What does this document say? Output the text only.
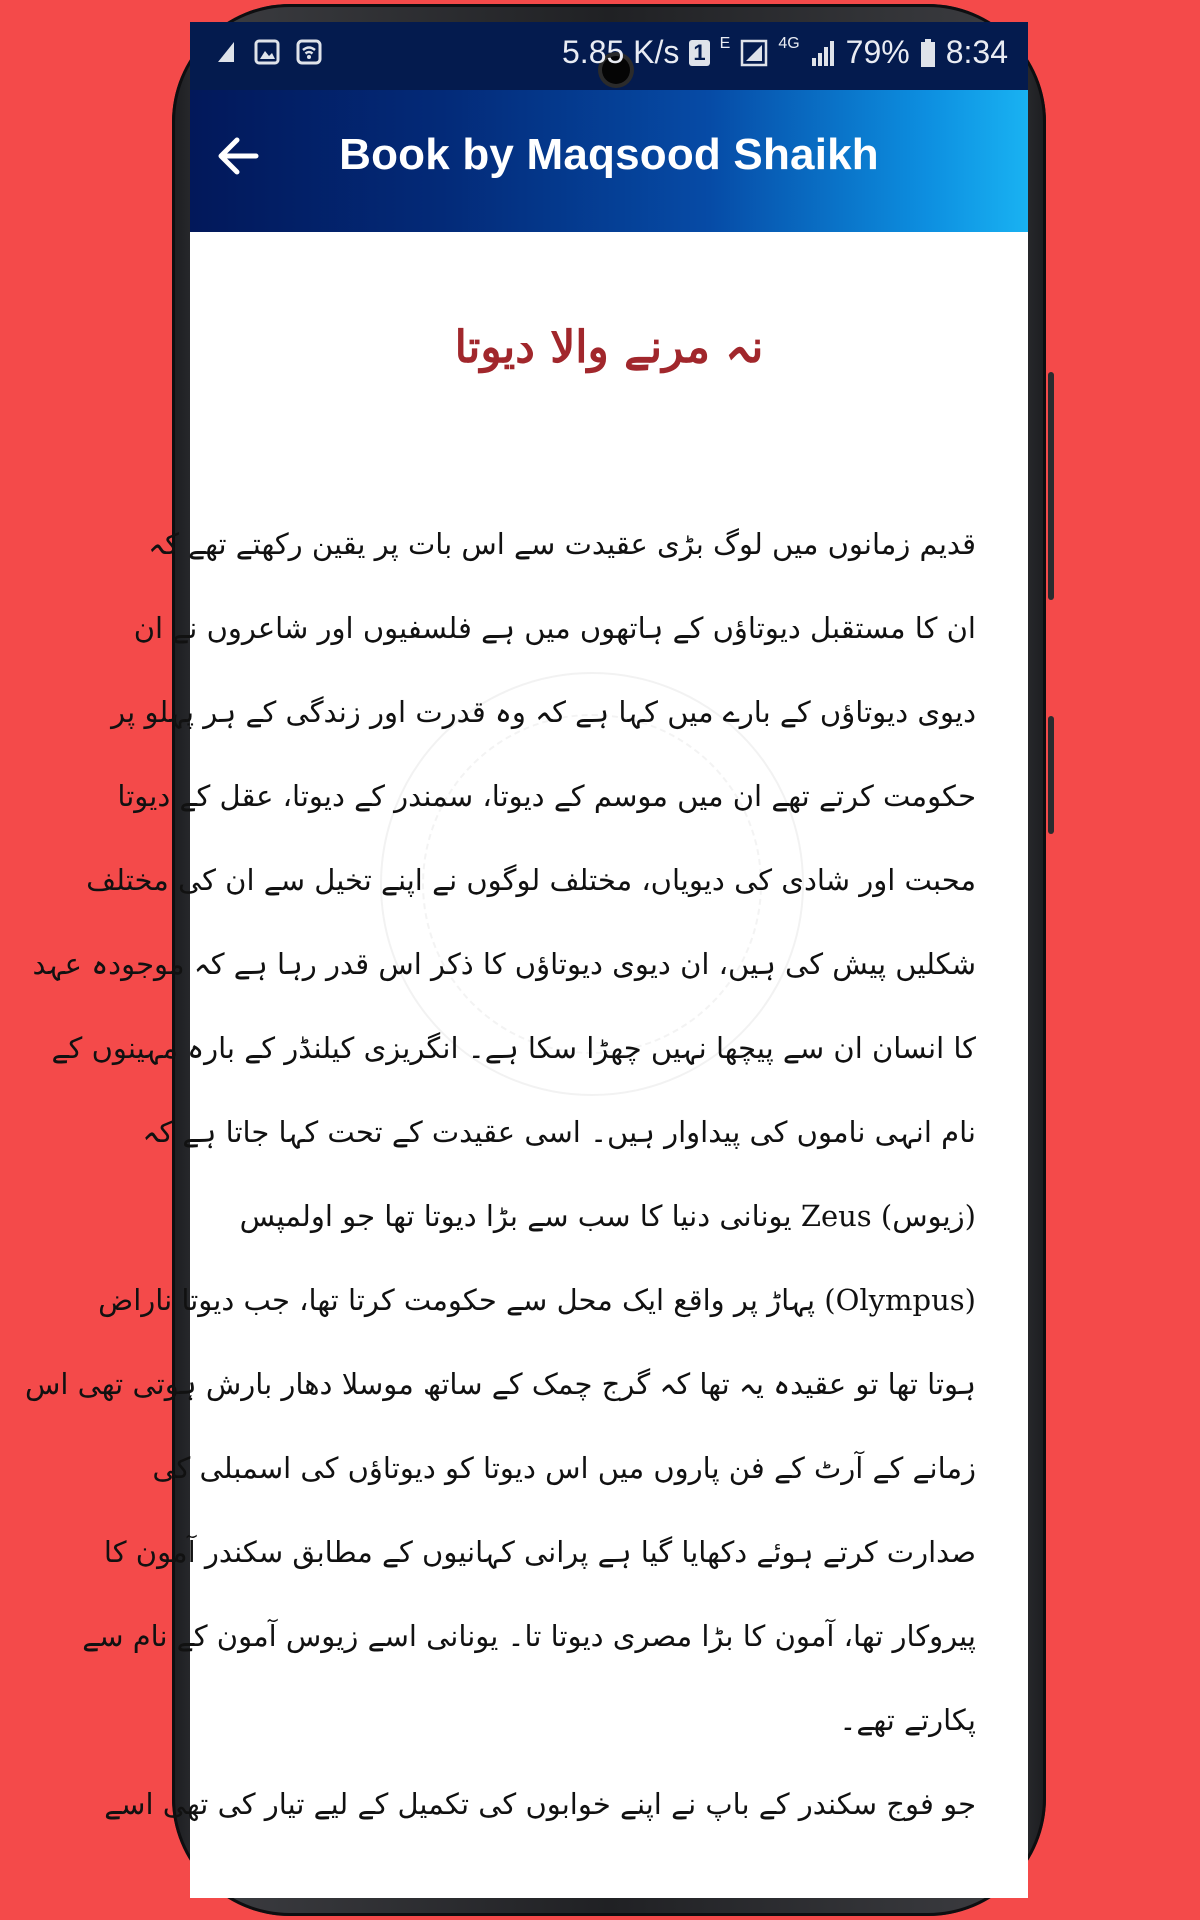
5.85 K/s 1 E	4G 79% 8:34
Book by Maqsood Shaikh
نہ مرنے والا دیوتا
قدیم زمانوں میں لوگ بڑی عقیدت سے اس بات پر یقین رکھتے تھے کہ
ان کا مستقبل دیوتاؤں کے ہاتھوں میں ہے فلسفیوں اور شاعروں نے ان
دیوی دیوتاؤں کے بارے میں کہا ہے کہ وہ قدرت اور زندگی کے ہر پہلو پر
حکومت کرتے تھے ان میں موسم کے دیوتا، سمندر کے دیوتا، عقل کے دیوتا
محبت اور شادی کی دیویاں، مختلف لوگوں نے اپنے تخیل سے ان کی مختلف
شکلیں پیش کی ہیں، ان دیوی دیوتاؤں کا ذکر اس قدر رہا ہے کہ موجودہ عہد
کا انسان ان سے پیچھا نہیں چھڑا سکا ہے۔ انگریزی کیلنڈر کے بارہ مہینوں کے
نام انہی ناموں کی پیداوار ہیں۔ اسی عقیدت کے تحت کہا جاتا ہے کہ
(زیوس) Zeus یونانی دنیا کا سب سے بڑا دیوتا تھا جو اولمپس
(Olympus) پہاڑ پر واقع ایک محل سے حکومت کرتا تھا، جب دیوتا ناراض
ہوتا تھا تو عقیدہ یہ تھا کہ گرج چمک کے ساتھ موسلا دھار بارش ہوتی تھی اس
زمانے کے آرٹ کے فن پاروں میں اس دیوتا کو دیوتاؤں کی اسمبلی کی
صدارت کرتے ہوئے دکھایا گیا ہے پرانی کہانیوں کے مطابق سکندر آمون کا
پیروکار تھا، آمون کا بڑا مصری دیوتا تا۔ یونانی اسے زیوس آمون کے نام سے
پکارتے تھے۔
جو فوج سکندر کے باپ نے اپنے خوابوں کی تکمیل کے لیے تیار کی تھی اسے
